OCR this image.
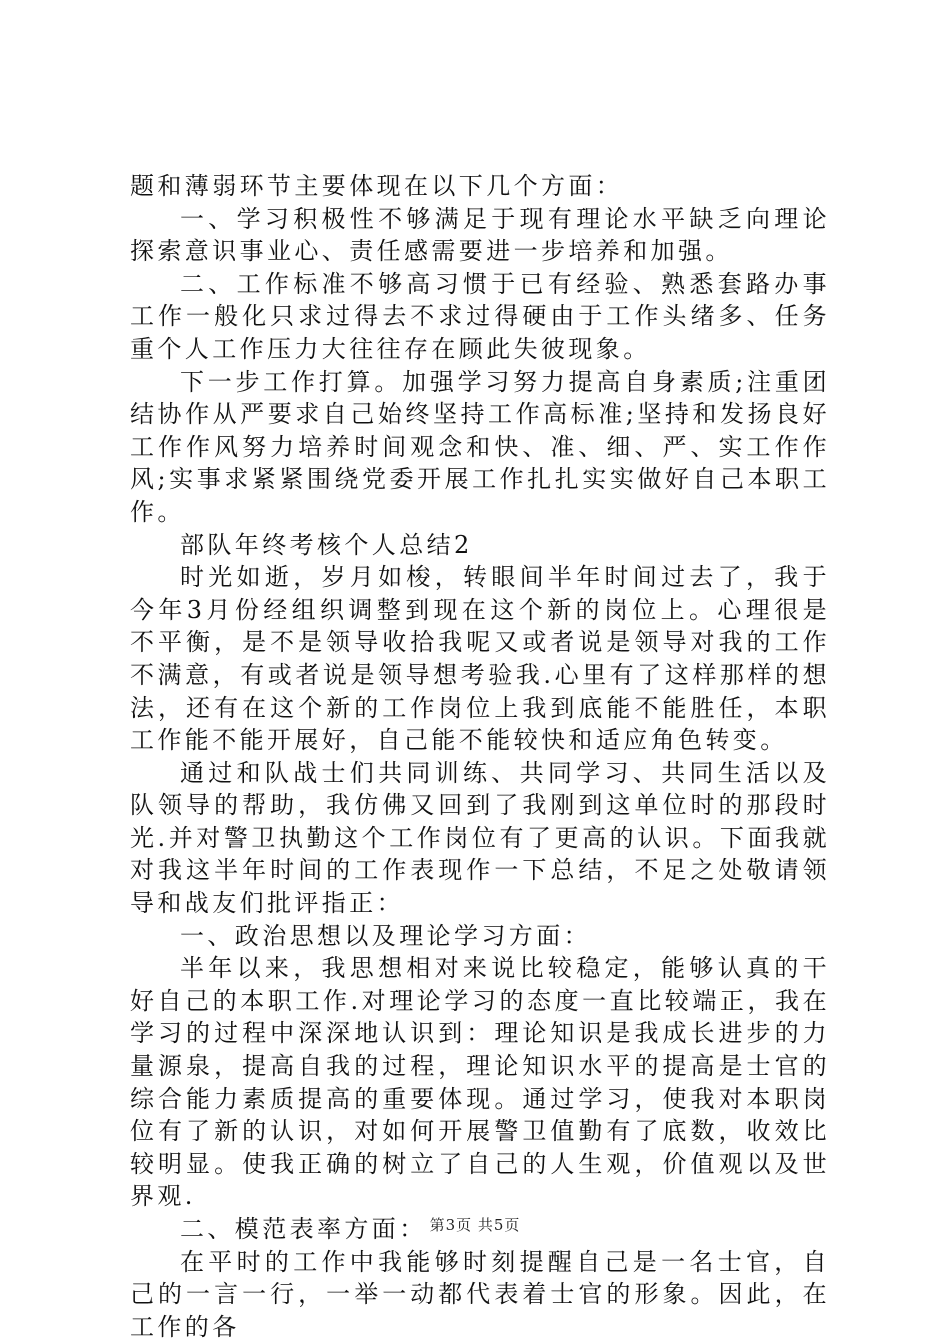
题和薄弱环节主要体现在以下几个方面：

一、学习积极性不够满足于现有理论水平缺乏向理论探索意识事业心、责任感需要进一步培养和加强。

二、工作标准不够高习惯于已有经验、熟悉套路办事工作一般化只求过得去不求过得硬由于工作头绪多、任务重个人工作压力大往往存在顾此失彼现象。

下一步工作打算。加强学习努力提高自身素质;注重团结协作从严要求自己始终坚持工作高标准;坚持和发扬良好工作作风努力培养时间观念和快、准、细、严、实工作作风;实事求紧紧围绕党委开展工作扎扎实实做好自己本职工作。

部队年终考核个人总结2

时光如逝，岁月如梭，转眼间半年时间过去了，我于今年3月份经组织调整到现在这个新的岗位上。心理很是不平衡，是不是领导收拾我呢又或者说是领导对我的工作不满意，有或者说是领导想考验我.心里有了这样那样的想法，还有在这个新的工作岗位上我到底能不能胜任，本职工作能不能开展好，自己能不能较快和适应角色转变。

通过和队战士们共同训练、共同学习、共同生活以及队领导的帮助，我仿佛又回到了我刚到这单位时的那段时光.并对警卫执勤这个工作岗位有了更高的认识。下面我就对我这半年时间的工作表现作一下总结，不足之处敬请领导和战友们批评指正：

一、政治思想以及理论学习方面：

半年以来，我思想相对来说比较稳定，能够认真的干好自己的本职工作.对理论学习的态度一直比较端正，我在学习的过程中深深地认识到：理论知识是我成长进步的力量源泉，提高自我的过程，理论知识水平的提高是士官的综合能力素质提高的重要体现。通过学习，使我对本职岗位有了新的认识，对如何开展警卫值勤有了底数，收效比较明显。使我正确的树立了自己的人生观，价值观以及世界观.

二、模范表率方面：

在平时的工作中我能够时刻提醒自己是一名士官，自己的一言一行，一举一动都代表着士官的形象。因此，在工作的各

第3页 共5页
